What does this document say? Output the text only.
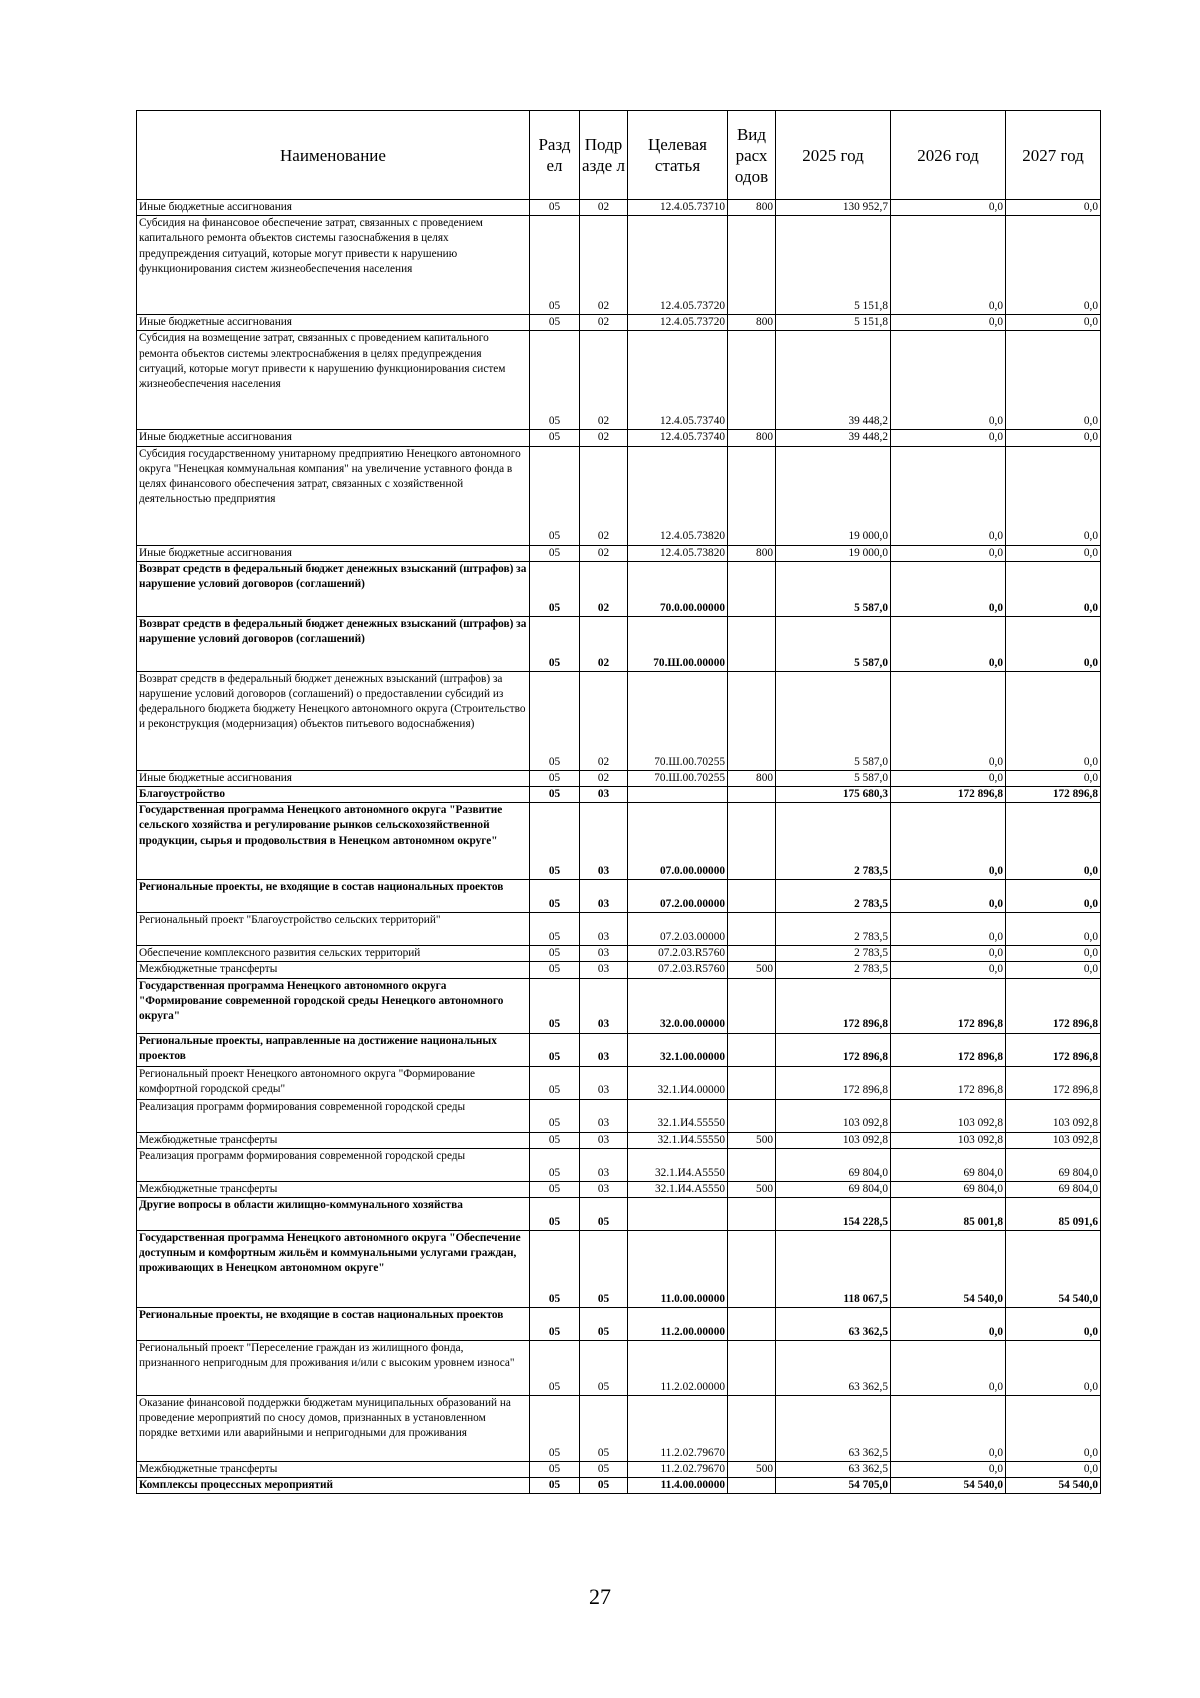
Наименование	Разд ел	Подр азде л	Целевая статья	Вид расх одов	2025 год	2026 год	2027 год
Иные бюджетные ассигнования	05	02	12.4.05.73710	800	130 952,7	0,0	0,0
Субсидия на финансовое обеспечение затрат, связанных с проведением капитального ремонта объектов системы газоснабжения в целях предупреждения ситуаций, которые могут привести к нарушению функционирования систем жизнеобеспечения населения	05	02	12.4.05.73720		5 151,8	0,0	0,0
Иные бюджетные ассигнования	05	02	12.4.05.73720	800	5 151,8	0,0	0,0
Субсидия на возмещение затрат, связанных с проведением капитального ремонта объектов системы электроснабжения в целях предупреждения ситуаций, которые могут привести к нарушению функционирования систем жизнеобеспечения населения	05	02	12.4.05.73740		39 448,2	0,0	0,0
Иные бюджетные ассигнования	05	02	12.4.05.73740	800	39 448,2	0,0	0,0
Субсидия государственному унитарному предприятию Ненецкого автономного округа "Ненецкая коммунальная компания" на увеличение уставного фонда в целях финансового обеспечения затрат, связанных с хозяйственной деятельностью предприятия	05	02	12.4.05.73820		19 000,0	0,0	0,0
Иные бюджетные ассигнования	05	02	12.4.05.73820	800	19 000,0	0,0	0,0
Возврат средств в федеральный бюджет денежных взысканий (штрафов) за нарушение условий договоров (соглашений)	05	02	70.0.00.00000		5 587,0	0,0	0,0
Возврат средств в федеральный бюджет денежных взысканий (штрафов) за нарушение условий договоров (соглашений)	05	02	70.Ш.00.00000		5 587,0	0,0	0,0
Возврат средств в федеральный бюджет денежных взысканий (штрафов) за нарушение условий договоров (соглашений) о предоставлении субсидий из федерального бюджета бюджету Ненецкого автономного округа (Строительство и реконструкция (модернизация) объектов питьевого водоснабжения)	05	02	70.Ш.00.70255		5 587,0	0,0	0,0
Иные бюджетные ассигнования	05	02	70.Ш.00.70255	800	5 587,0	0,0	0,0
Благоустройство	05	03			175 680,3	172 896,8	172 896,8
Государственная программа Ненецкого автономного округа "Развитие сельского хозяйства и регулирование рынков сельскохозяйственной продукции, сырья и продовольствия в Ненецком автономном округе"	05	03	07.0.00.00000		2 783,5	0,0	0,0
Региональные проекты, не входящие в состав национальных проектов	05	03	07.2.00.00000		2 783,5	0,0	0,0
Региональный проект "Благоустройство сельских территорий"	05	03	07.2.03.00000		2 783,5	0,0	0,0
Обеспечение комплексного развития сельских территорий	05	03	07.2.03.R5760		2 783,5	0,0	0,0
Межбюджетные трансферты	05	03	07.2.03.R5760	500	2 783,5	0,0	0,0
Государственная программа Ненецкого автономного округа "Формирование современной городской среды Ненецкого автономного округа"	05	03	32.0.00.00000		172 896,8	172 896,8	172 896,8
Региональные проекты, направленные на достижение национальных проектов	05	03	32.1.00.00000		172 896,8	172 896,8	172 896,8
Региональный проект Ненецкого автономного округа "Формирование комфортной городской среды"	05	03	32.1.И4.00000		172 896,8	172 896,8	172 896,8
Реализация программ формирования современной городской среды	05	03	32.1.И4.55550		103 092,8	103 092,8	103 092,8
Межбюджетные трансферты	05	03	32.1.И4.55550	500	103 092,8	103 092,8	103 092,8
Реализация программ формирования современной городской среды	05	03	32.1.И4.А5550		69 804,0	69 804,0	69 804,0
Межбюджетные трансферты	05	03	32.1.И4.А5550	500	69 804,0	69 804,0	69 804,0
Другие вопросы в области жилищно-коммунального хозяйства	05	05			154 228,5	85 001,8	85 091,6
Государственная программа Ненецкого автономного округа "Обеспечение доступным и комфортным жильём и коммунальными услугами граждан, проживающих в Ненецком автономном округе"	05	05	11.0.00.00000		118 067,5	54 540,0	54 540,0
Региональные проекты, не входящие в состав национальных проектов	05	05	11.2.00.00000		63 362,5	0,0	0,0
Региональный проект "Переселение граждан из жилищного фонда, признанного непригодным для проживания и/или с высоким уровнем износа"	05	05	11.2.02.00000		63 362,5	0,0	0,0
Оказание финансовой поддержки бюджетам муниципальных образований на проведение мероприятий по сносу домов, признанных в установленном порядке ветхими или аварийными и непригодными для проживания	05	05	11.2.02.79670		63 362,5	0,0	0,0
Межбюджетные трансферты	05	05	11.2.02.79670	500	63 362,5	0,0	0,0
Комплексы процессных мероприятий	05	05	11.4.00.00000		54 705,0	54 540,0	54 540,0
27
